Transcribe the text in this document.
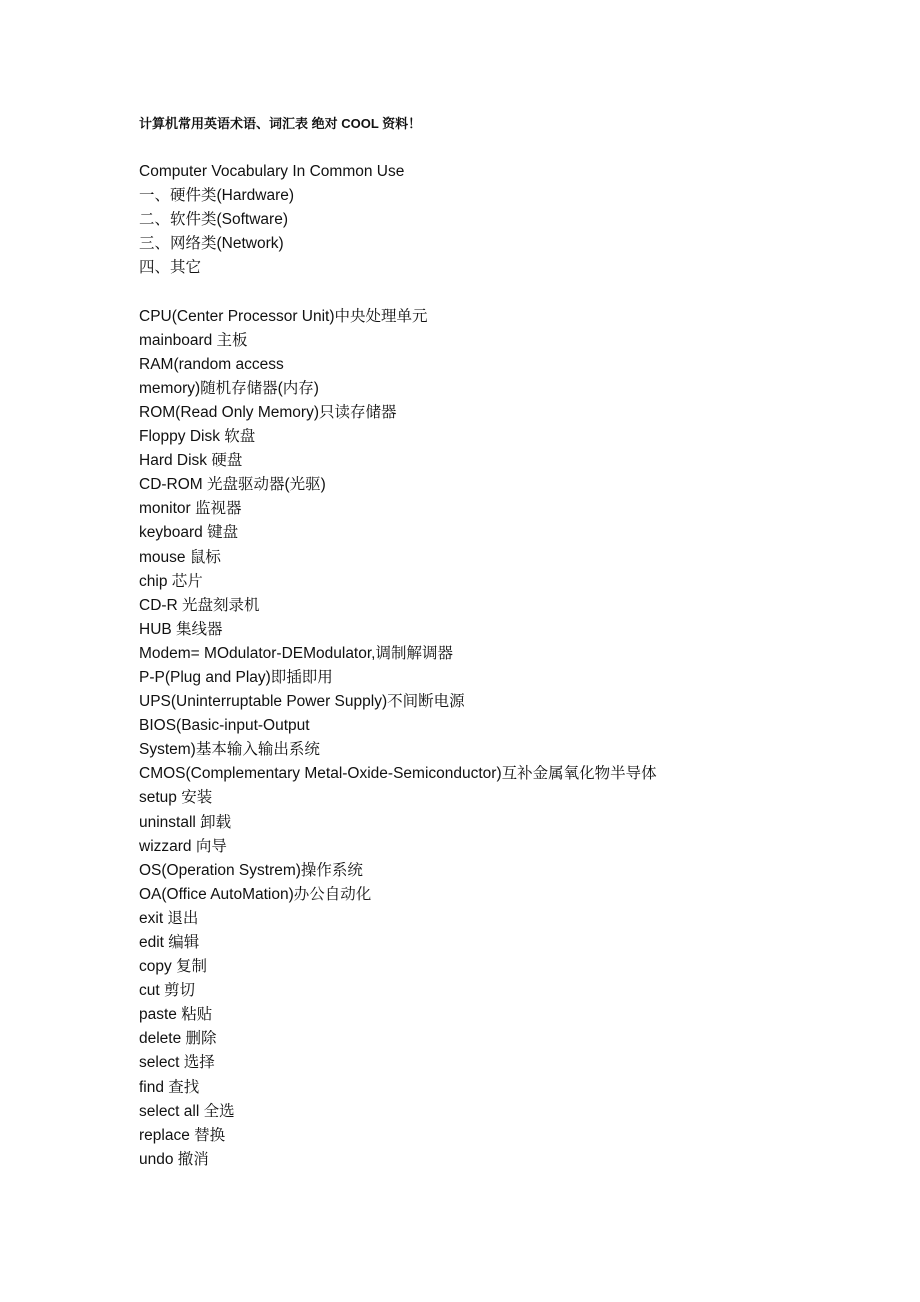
计算机常用英语术语、词汇表 绝对 COOL 资料！
Computer Vocabulary In Common Use
一、硬件类(Hardware)
二、软件类(Software)
三、网络类(Network)
四、其它
CPU(Center Processor Unit)中央处理单元
mainboard 主板
RAM(random access
memory)随机存储器(内存)
ROM(Read Only Memory)只读存储器
Floppy Disk 软盘
Hard Disk 硬盘
CD-ROM 光盘驱动器(光驱)
monitor 监视器
keyboard 键盘
mouse 鼠标
chip 芯片
CD-R 光盘刻录机
HUB 集线器
Modem= MOdulator-DEModulator,调制解调器
P-P(Plug and Play)即插即用
UPS(Uninterruptable Power Supply)不间断电源
BIOS(Basic-input-Output
System)基本输入输出系统
CMOS(Complementary Metal-Oxide-Semiconductor)互补金属氧化物半导体
setup 安装
uninstall 卸载
wizzard 向导
OS(Operation Systrem)操作系统
OA(Office AutoMation)办公自动化
exit 退出
edit 编辑
copy 复制
cut 剪切
paste 粘贴
delete 删除
select 选择
find 查找
select all 全选
replace 替换
undo 撤消
